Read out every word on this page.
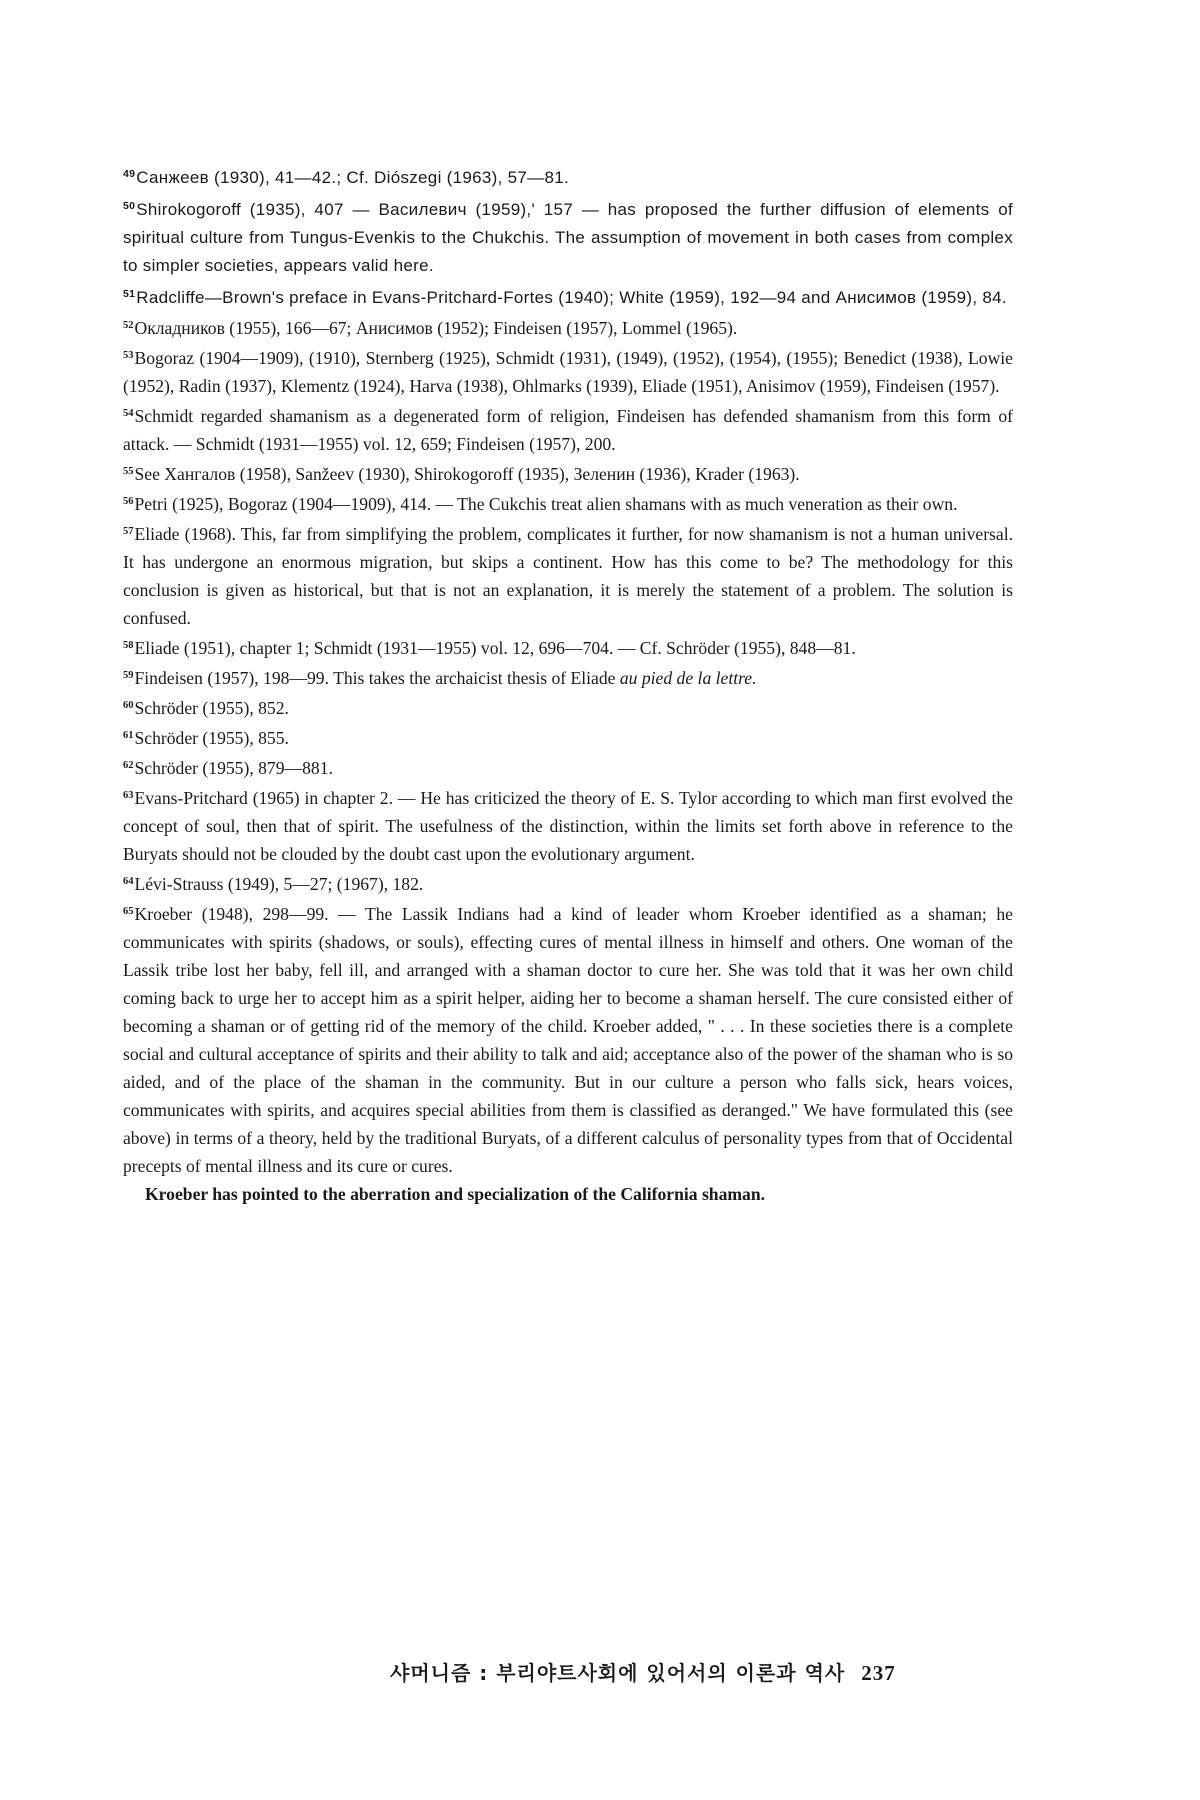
$^{49}$Санжеев (1930), 41—42.; Cf. Diószegi (1963), 57—81.

$^{50}$Shirokogoroff (1935), 407 — Василевич (1959),' 157 — has proposed the further diffusion of elements of spiritual culture from Tungus-Evenkis to the Chukchis. The assumption of movement in both cases from complex to simpler societies, appears valid here.

$^{51}$Radcliffe—Brown's preface in Evans-Pritchard-Fortes (1940); White (1959), 192—94 and Анисимов (1959), 84.

$^{52}$Окладников (1955), 166—67; Анисимов (1952); Findeisen (1957), Lommel (1965).

$^{53}$Bogoraz (1904—1909), (1910), Sternberg (1925), Schmidt (1931), (1949), (1952), (1954), (1955); Benedict (1938), Lowie (1952), Radin (1937), Klementz (1924), Harva (1938), Ohlmarks (1939), Eliade (1951), Anisimov (1959), Findeisen (1957).

$^{54}$Schmidt regarded shamanism as a degenerated form of religion, Findeisen has defended shamanism from this form of attack. — Schmidt (1931—1955) vol. 12, 659; Findeisen (1957), 200.

$^{55}$See Хангалов (1958), Sanžeev (1930), Shirokogoroff (1935), Зеленин (1936), Krader (1963).

$^{56}$Petri (1925), Bogoraz (1904—1909), 414. — The Cukchis treat alien shamans with as much veneration as their own.

$^{57}$Eliade (1968). This, far from simplifying the problem, complicates it further, for now shamanism is not a human universal. It has undergone an enormous migration, but skips a continent. How has this come to be? The methodology for this conclusion is given as historical, but that is not an explanation, it is merely the statement of a problem. The solution is confused.

$^{58}$Eliade (1951), chapter 1; Schmidt (1931—1955) vol. 12, 696—704. — Cf. Schröder (1955), 848—81.

$^{59}$Findeisen (1957), 198—99. This takes the archaicist thesis of Eliade au pied de la lettre.

$^{60}$Schröder (1955), 852.

$^{61}$Schröder (1955), 855.

$^{62}$Schröder (1955), 879—881.

$^{63}$Evans-Pritchard (1965) in chapter 2. — He has criticized the theory of E. S. Tylor according to which man first evolved the concept of soul, then that of spirit. The usefulness of the distinction, within the limits set forth above in reference to the Buryats should not be clouded by the doubt cast upon the evolutionary argument.

$^{64}$Lévi-Strauss (1949), 5—27; (1967), 182.

$^{65}$Kroeber (1948), 298—99. — The Lassik Indians had a kind of leader whom Kroeber identified as a shaman; he communicates with spirits (shadows, or souls), effecting cures of mental illness in himself and others. One woman of the Lassik tribe lost her baby, fell ill, and arranged with a shaman doctor to cure her. She was told that it was her own child coming back to urge her to accept him as a spirit helper, aiding her to become a shaman herself. The cure consisted either of becoming a shaman or of getting rid of the memory of the child. Kroeber added, " . . . In these societies there is a complete social and cultural acceptance of spirits and their ability to talk and aid; acceptance also of the power of the shaman who is so aided, and of the place of the shaman in the community. But in our culture a person who falls sick, hears voices, communicates with spirits, and acquires special abilities from them is classified as deranged." We have formulated this (see above) in terms of a theory, held by the traditional Buryats, of a different calculus of personality types from that of Occidental precepts of mental illness and its cure or cures.

Kroeber has pointed to the aberration and specialization of the California shaman.

샤머니즘 : 부리야트사회에 있어서의 이론과 역사 237
